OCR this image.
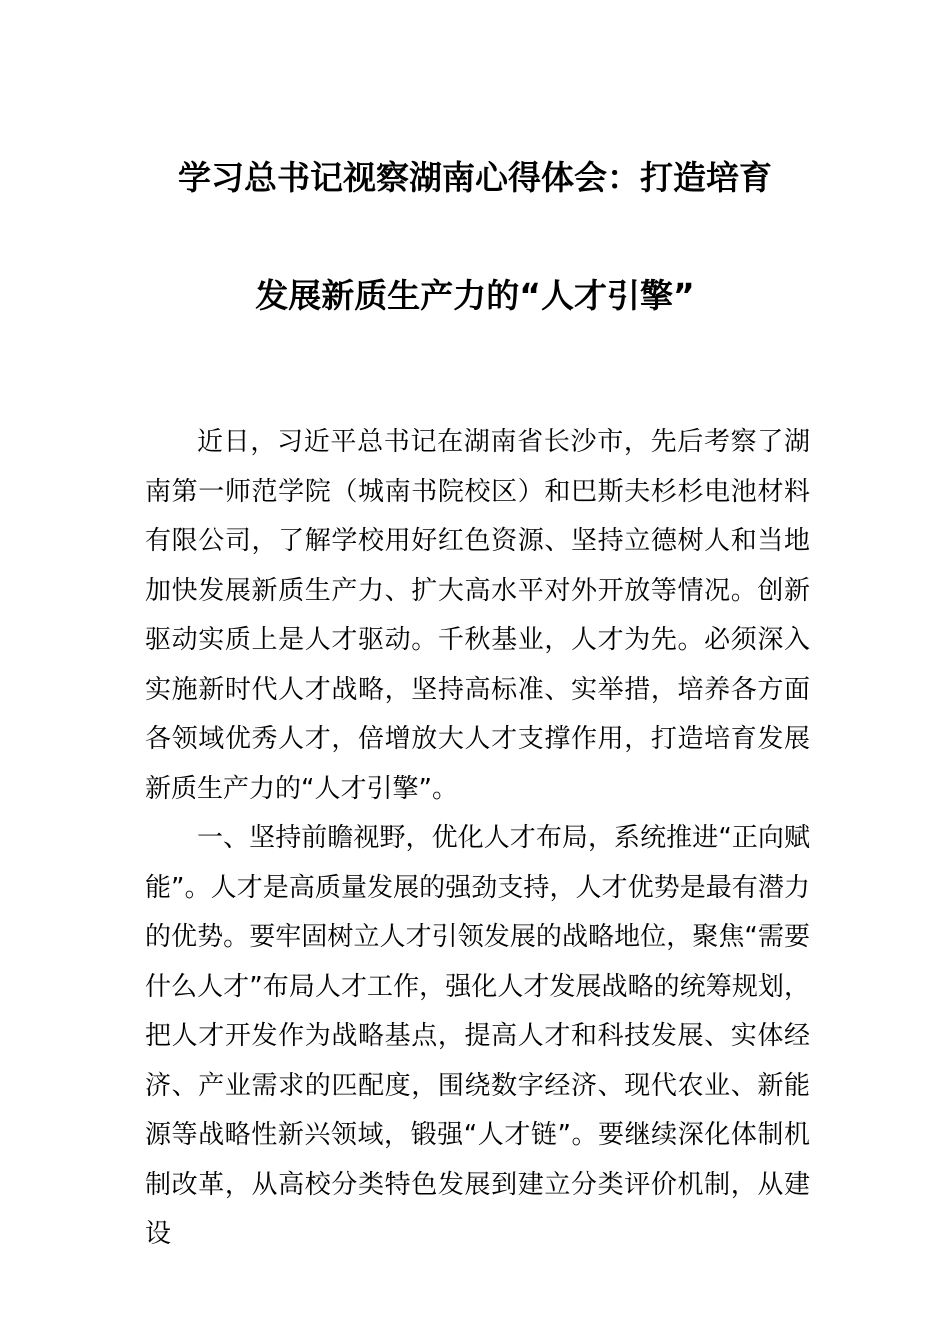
学习总书记视察湖南心得体会：打造培育
发展新质生产力的“人才引擎”

近日，习近平总书记在湖南省长沙市，先后考察了湖南第一师范学院（城南书院校区）和巴斯夫杉杉电池材料有限公司，了解学校用好红色资源、坚持立德树人和当地加快发展新质生产力、扩大高水平对外开放等情况。创新驱动实质上是人才驱动。千秋基业，人才为先。必须深入实施新时代人才战略，坚持高标准、实举措，培养各方面各领域优秀人才，倍增放大人才支撑作用，打造培育发展新质生产力的“人才引擎”。

一、坚持前瞻视野，优化人才布局，系统推进“正向赋能”。人才是高质量发展的强劲支持，人才优势是最有潜力的优势。要牢固树立人才引领发展的战略地位，聚焦“需要什么人才”布局人才工作，强化人才发展战略的统筹规划，把人才开发作为战略基点，提高人才和科技发展、实体经济、产业需求的匹配度，围绕数字经济、现代农业、新能源等战略性新兴领域，锻强“人才链”。要继续深化体制机制改革，从高校分类特色发展到建立分类评价机制，从建设
